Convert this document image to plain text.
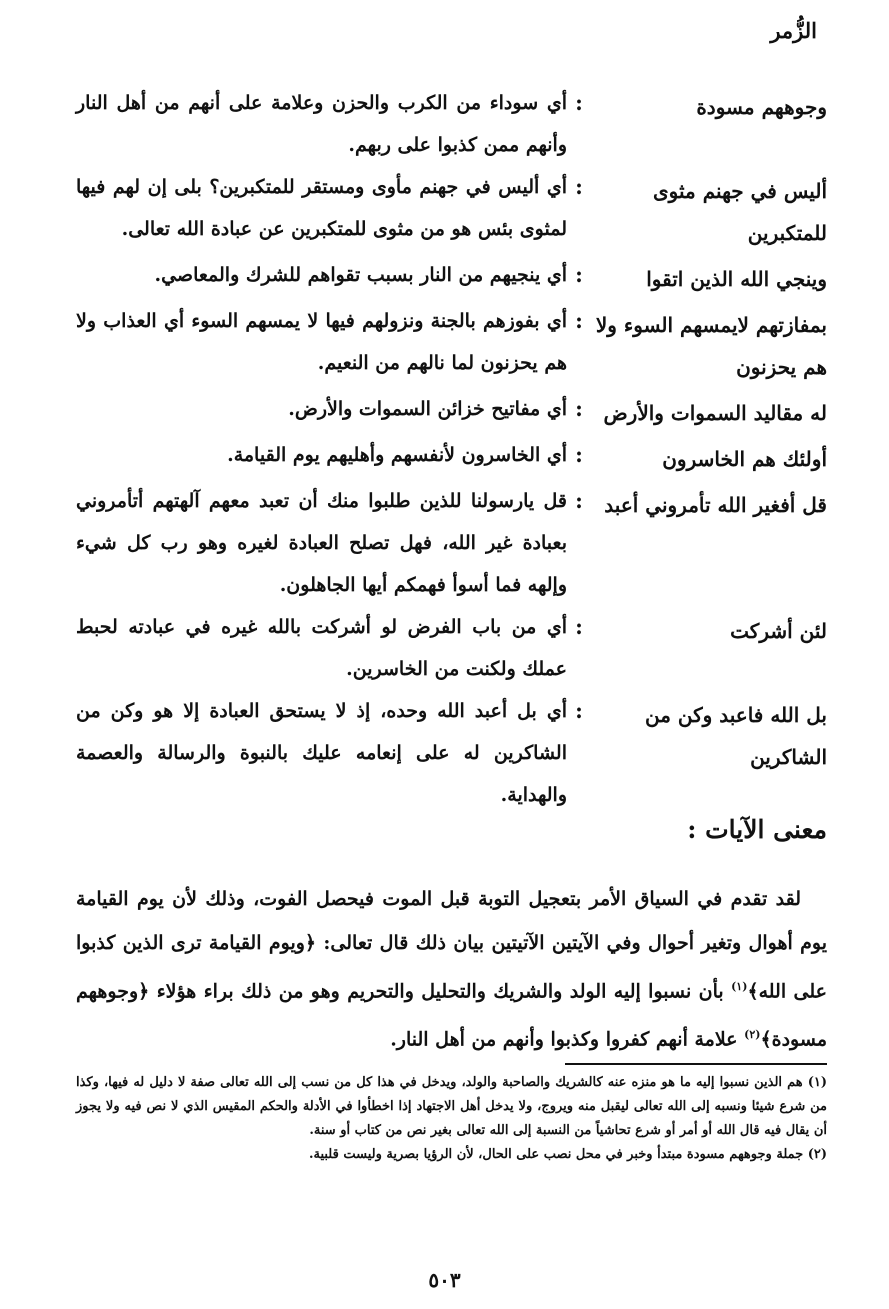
الزُّمر
وجوههم مسودة
:
أي سوداء من الكرب والحزن وعلامة على أنهم من أهل النار وأنهم ممن كذبوا على ربهم.
أليس في جهنم مثوى للمتكبرين
:
أي أليس في جهنم مأوى ومستقر للمتكبرين؟ بلى إن لهم فيها لمثوى بئس هو من مثوى للمتكبرين عن عبادة الله تعالى.
وينجي الله الذين اتقوا
:
أي ينجيهم من النار بسبب تقواهم للشرك والمعاصي.
بمفازتهم لايمسهم السوء ولا هم يحزنون
:
أي بفوزهم بالجنة ونزولهم فيها لا يمسهم السوء أي العذاب ولا هم يحزنون لما نالهم من النعيم.
له مقاليد السموات والأرض
:
أي مفاتيح خزائن السموات والأرض.
أولئك هم الخاسرون
:
أي الخاسرون لأنفسهم وأهليهم يوم القيامة.
قل أفغير الله تأمروني أعبد
:
قل يارسولنا للذين طلبوا منك أن تعبد معهم آلهتهم أتأمروني بعبادة غير الله، فهل تصلح العبادة لغيره وهو رب كل شيء وإلهه فما أسوأ فهمكم أيها الجاهلون.
لئن أشركت
:
أي من باب الفرض لو أشركت بالله غيره في عبادته لحبط عملك ولكنت من الخاسرين.
بل الله فاعبد وكن من الشاكرين
:
أي بل أعبد الله وحده، إذ لا يستحق العبادة إلا هو وكن من الشاكرين له على إنعامه عليك بالنبوة والرسالة والعصمة والهداية.
معنى الآيات :

لقد تقدم في السياق الأمر بتعجيل التوبة قبل الموت فيحصل الفوت، وذلك لأن يوم القيامة يوم أهوال وتغير أحوال وفي الآيتين الآتيتين بيان ذلك قال تعالى: ﴿ويوم القيامة ترى الذين كذبوا على الله﴾$^{(١)}$ بأن نسبوا إليه الولد والشريك والتحليل والتحريم وهو من ذلك براء هؤلاء ﴿وجوههم مسودة﴾$^{(٢)}$ علامة أنهم كفروا وكذبوا وأنهم من أهل النار.

(١) هم الذين نسبوا إليه ما هو منزه عنه كالشريك والصاحبة والولد، ويدخل في هذا كل من نسب إلى الله تعالى صفة لا دليل له فيها، وكذا من شرع شيئا ونسبه إلى الله تعالى ليقبل منه ويروج، ولا يدخل أهل الاجتهاد إذا اخطأوا في الأدلة والحكم المقيس الذي لا نص فيه ولا يجوز أن يقال فيه قال الله أو أمر أو شرع تحاشياً من النسبة إلى الله تعالى بغير نص من كتاب أو سنة.

(٢) جملة وجوههم مسودة مبتدأ وخبر في محل نصب على الحال، لأن الرؤيا بصرية وليست قلبية.

٥٠٣
